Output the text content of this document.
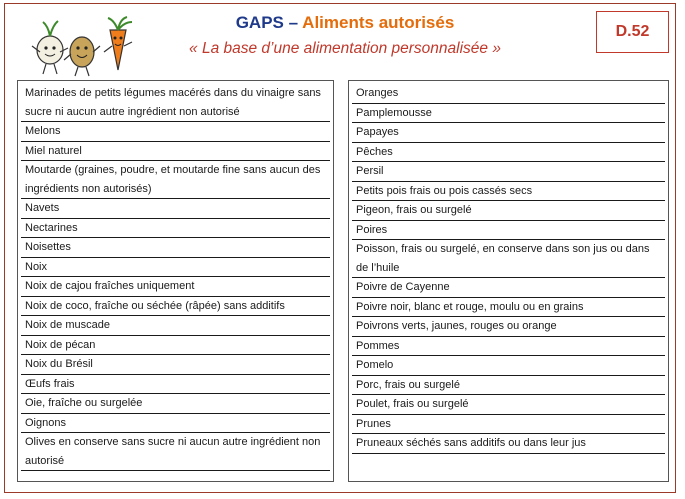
GAPS – Aliments autorisés
« La base d’une alimentation personnalisée »
D.52
Marinades de petits légumes macérés dans du vinaigre sans sucre ni aucun autre ingrédient non autorisé
Melons
Miel naturel
Moutarde (graines, poudre, et moutarde fine sans aucun des ingrédients non autorisés)
Navets
Nectarines
Noisettes
Noix
Noix de cajou fraîches uniquement
Noix de coco, fraîche ou séchée (râpée) sans additifs
Noix de muscade
Noix de pécan
Noix du Brésil
Œufs frais
Oie, fraîche ou surgelée
Oignons
Olives en conserve sans sucre ni aucun autre ingrédient non autorisé
Oranges
Pamplemousse
Papayes
Pêches
Persil
Petits pois frais ou pois cassés secs
Pigeon, frais ou surgelé
Poires
Poisson, frais ou surgelé, en conserve dans son jus ou dans de l’huile
Poivre de Cayenne
Poivre noir, blanc et rouge, moulu ou en grains
Poivrons verts, jaunes, rouges ou orange
Pommes
Pomelo
Porc, frais ou surgelé
Poulet, frais ou surgelé
Prunes
Pruneaux séchés sans additifs ou dans leur jus
